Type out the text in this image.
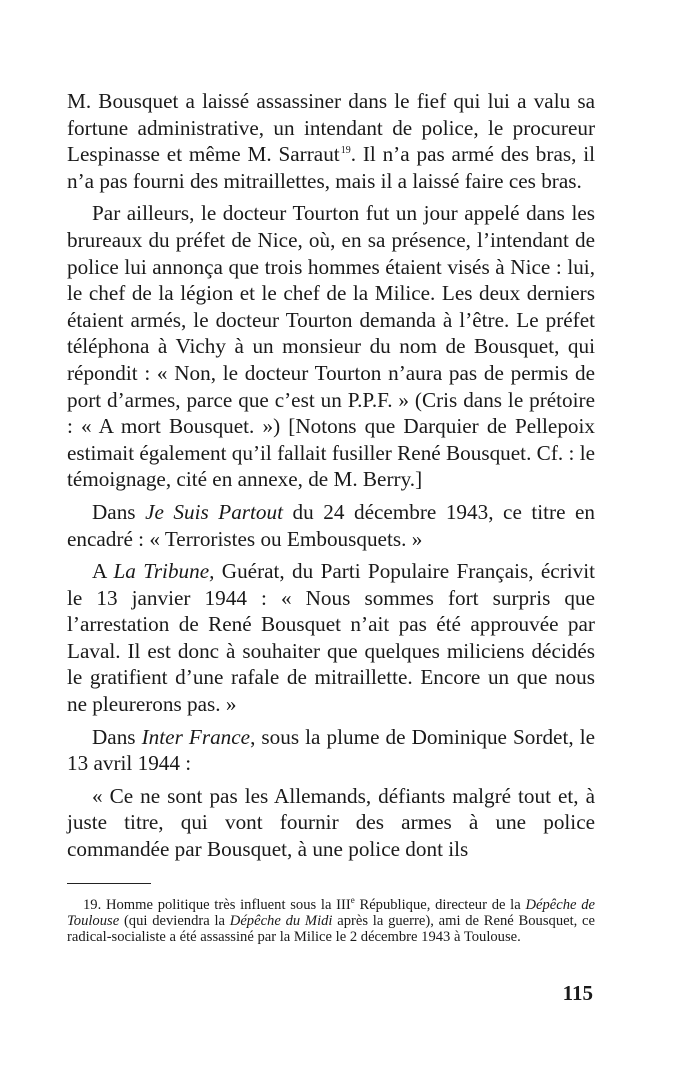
M. Bousquet a laissé assassiner dans le fief qui lui a valu sa fortune administrative, un intendant de police, le procureur Lespinasse et même M. Sarraut$^{19}$. Il n’a pas armé des bras, il n’a pas fourni des mitraillettes, mais il a laissé faire ces bras.

Par ailleurs, le docteur Tourton fut un jour appelé dans les brureaux du préfet de Nice, où, en sa présence, l’intendant de police lui annonça que trois hommes étaient visés à Nice : lui, le chef de la légion et le chef de la Milice. Les deux derniers étaient armés, le docteur Tourton demanda à l’être. Le préfet téléphona à Vichy à un monsieur du nom de Bousquet, qui répondit : « Non, le docteur Tourton n’aura pas de permis de port d’armes, parce que c’est un P.P.F. » (Cris dans le prétoire : « A mort Bousquet. ») [Notons que Darquier de Pellepoix estimait également qu’il fallait fusiller René Bousquet. Cf. : le témoignage, cité en annexe, de M. Berry.]

Dans Je Suis Partout du 24 décembre 1943, ce titre en encadré : « Terroristes ou Embousquets. »

A La Tribune, Guérat, du Parti Populaire Français, écrivit le 13 janvier 1944 : « Nous sommes fort surpris que l’arrestation de René Bousquet n’ait pas été approuvée par Laval. Il est donc à souhaiter que quelques miliciens décidés le gratifient d’une rafale de mitraillette. Encore un que nous ne pleurerons pas. »

Dans Inter France, sous la plume de Dominique Sordet, le 13 avril 1944 :

« Ce ne sont pas les Allemands, défiants malgré tout et, à juste titre, qui vont fournir des armes à une police commandée par Bousquet, à une police dont ils

19. Homme politique très influent sous la IIIe République, directeur de la Dépêche de Toulouse (qui deviendra la Dépêche du Midi après la guerre), ami de René Bousquet, ce radical-socialiste a été assassiné par la Milice le 2 décembre 1943 à Toulouse.

115
